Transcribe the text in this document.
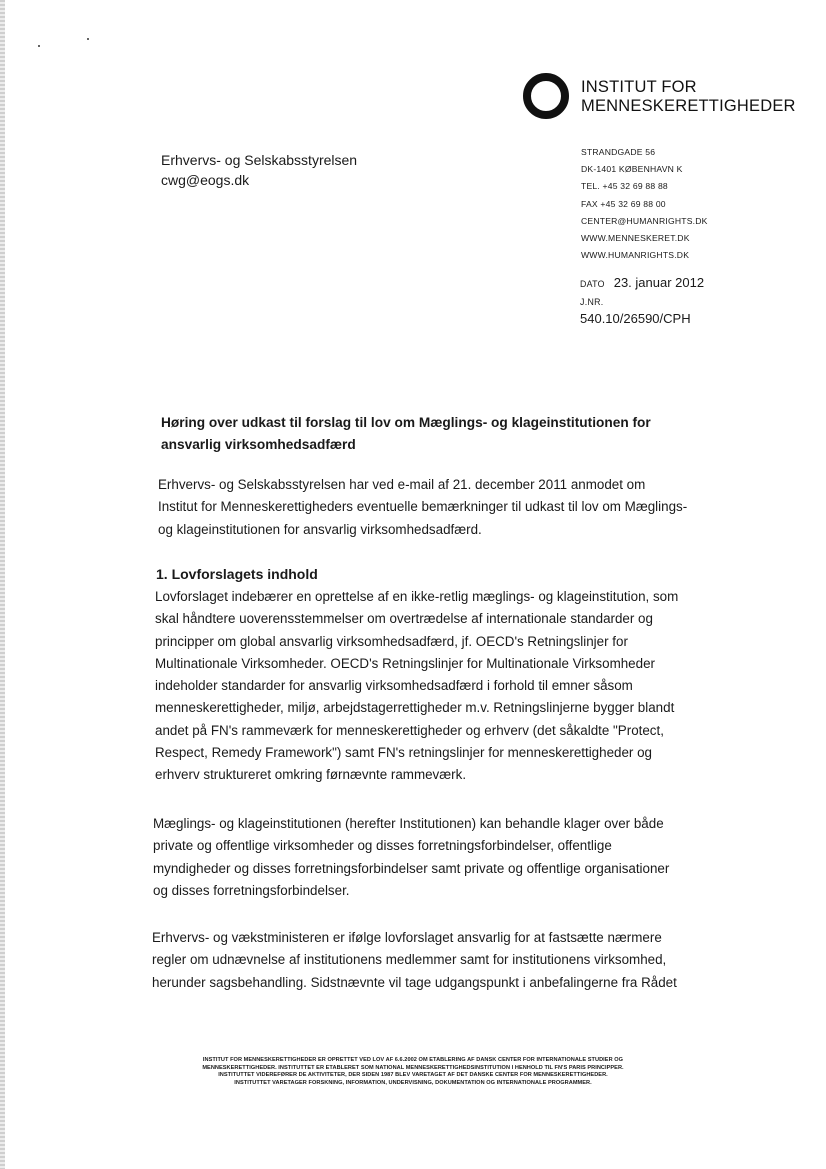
INSTITUT FOR
MENNESKERETTIGHEDER
Erhvervs- og Selskabsstyrelsen
cwg@eogs.dk
STRANDGADE 56
DK-1401 KØBENHAVN K
TEL. +45 32 69 88 88
FAX +45 32 69 88 00
CENTER@HUMANRIGHTS.DK
WWW.MENNESKERET.DK
WWW.HUMANRIGHTS.DK
DATO 23. januar 2012
J.NR.
540.10/26590/CPH
Høring over udkast til forslag til lov om Mæglings- og klageinstitutionen for
ansvarlig virksomhedsadfærd
Erhvervs- og Selskabsstyrelsen har ved e-mail af 21. december 2011 anmodet om
Institut for Menneskerettigheders eventuelle bemærkninger til udkast til lov om Mæglings-
og klageinstitutionen for ansvarlig virksomhedsadfærd.
1. Lovforslagets indhold
Lovforslaget indebærer en oprettelse af en ikke-retlig mæglings- og klageinstitution, som
skal håndtere uoverensstemmelser om overtrædelse af internationale standarder og
principper om global ansvarlig virksomhedsadfærd, jf. OECD's Retningslinjer for
Multinationale Virksomheder. OECD's Retningslinjer for Multinationale Virksomheder
indeholder standarder for ansvarlig virksomhedsadfærd i forhold til emner såsom
menneskerettigheder, miljø, arbejdstagerrettigheder m.v. Retningslinjerne bygger blandt
andet på FN's rammeværk for menneskerettigheder og erhverv (det såkaldte "Protect,
Respect, Remedy Framework") samt FN's retningslinjer for menneskerettigheder og
erhverv struktureret omkring førnævnte rammeværk.
Mæglings- og klageinstitutionen (herefter Institutionen) kan behandle klager over både
private og offentlige virksomheder og disses forretningsforbindelser, offentlige
myndigheder og disses forretningsforbindelser samt private og offentlige organisationer
og disses forretningsforbindelser.
Erhvervs- og vækstministeren er ifølge lovforslaget ansvarlig for at fastsætte nærmere
regler om udnævnelse af institutionens medlemmer samt for institutionens virksomhed,
herunder sagsbehandling. Sidstnævnte vil tage udgangspunkt i anbefalingerne fra Rådet
INSTITUT FOR MENNESKERETTIGHEDER ER OPRETTET VED LOV AF 6.6.2002 OM ETABLERING AF DANSK CENTER FOR INTERNATIONALE STUDIER OG
MENNESKERETTIGHEDER. INSTITUTTET ER ETABLERET SOM NATIONAL MENNESKERETTIGHEDSINSTITUTION I HENHOLD TIL FN'S PARIS PRINCIPPER.
INSTITUTTET VIDEREFØRER DE AKTIVITETER, DER SIDEN 1987 BLEV VARETAGET AF DET DANSKE CENTER FOR MENNESKERETTIGHEDER.
INSTITUTTET VARETAGER FORSKNING, INFORMATION, UNDERVISNING, DOKUMENTATION OG INTERNATIONALE PROGRAMMER.
